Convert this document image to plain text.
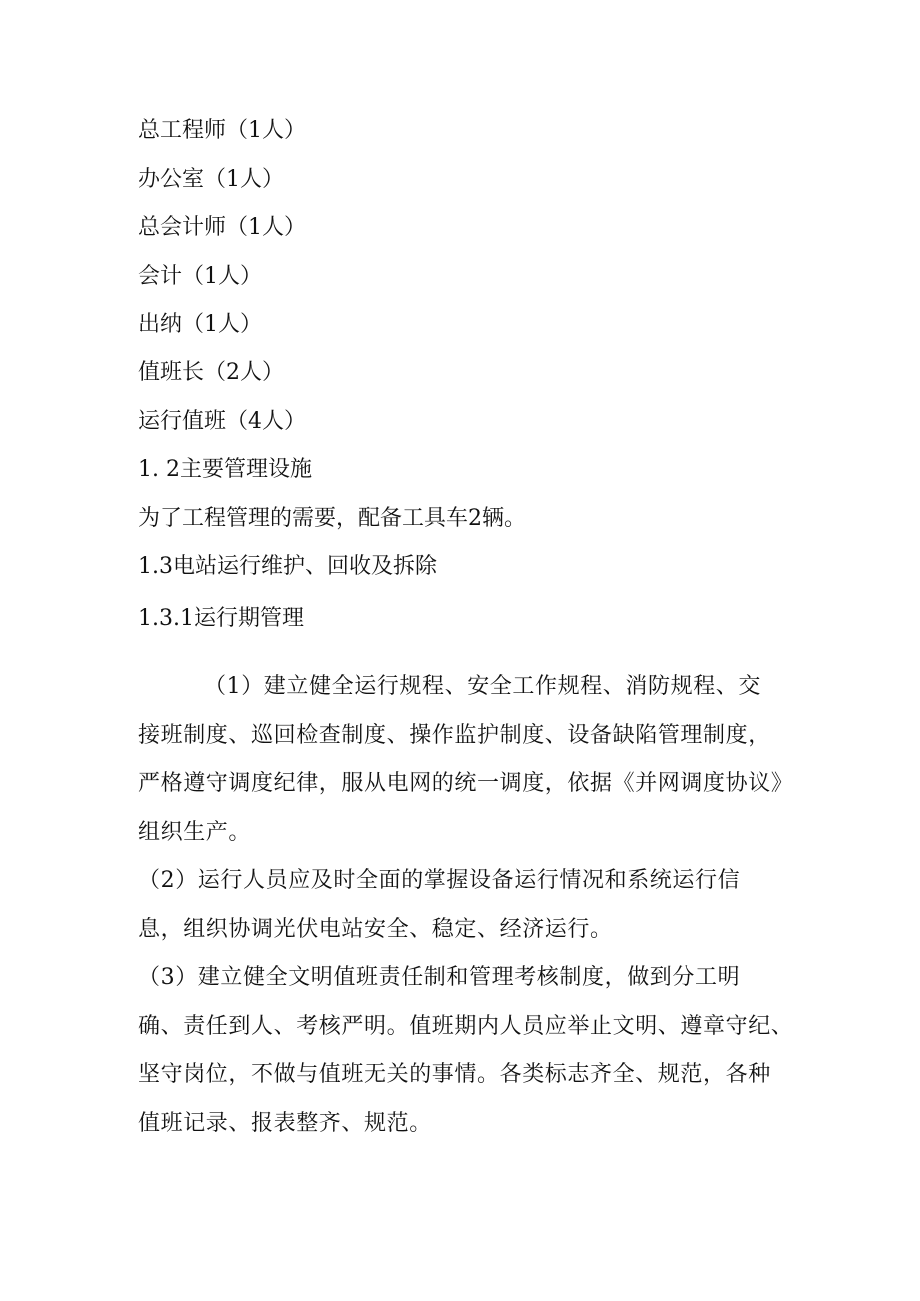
总工程师（1人）

办公室（1人）

总会计师（1人）

会计（1人）

出纳（1人）

值班长（2人）

运行值班（4人）

1. 2主要管理设施

为了工程管理的需要，配备工具车2辆。

1.3电站运行维护、回收及拆除

1.3.1运行期管理

（1）建立健全运行规程、安全工作规程、消防规程、交
接班制度、巡回检查制度、操作监护制度、设备缺陷管理制度，
严格遵守调度纪律，服从电网的统一调度，依据《并网调度协议》
组织生产。
（2）运行人员应及时全面的掌握设备运行情况和系统运行信
息，组织协调光伏电站安全、稳定、经济运行。
（3）建立健全文明值班责任制和管理考核制度，做到分工明
确、责任到人、考核严明。值班期内人员应举止文明、遵章守纪、
坚守岗位，不做与值班无关的事情。各类标志齐全、规范，各种
值班记录、报表整齐、规范。
